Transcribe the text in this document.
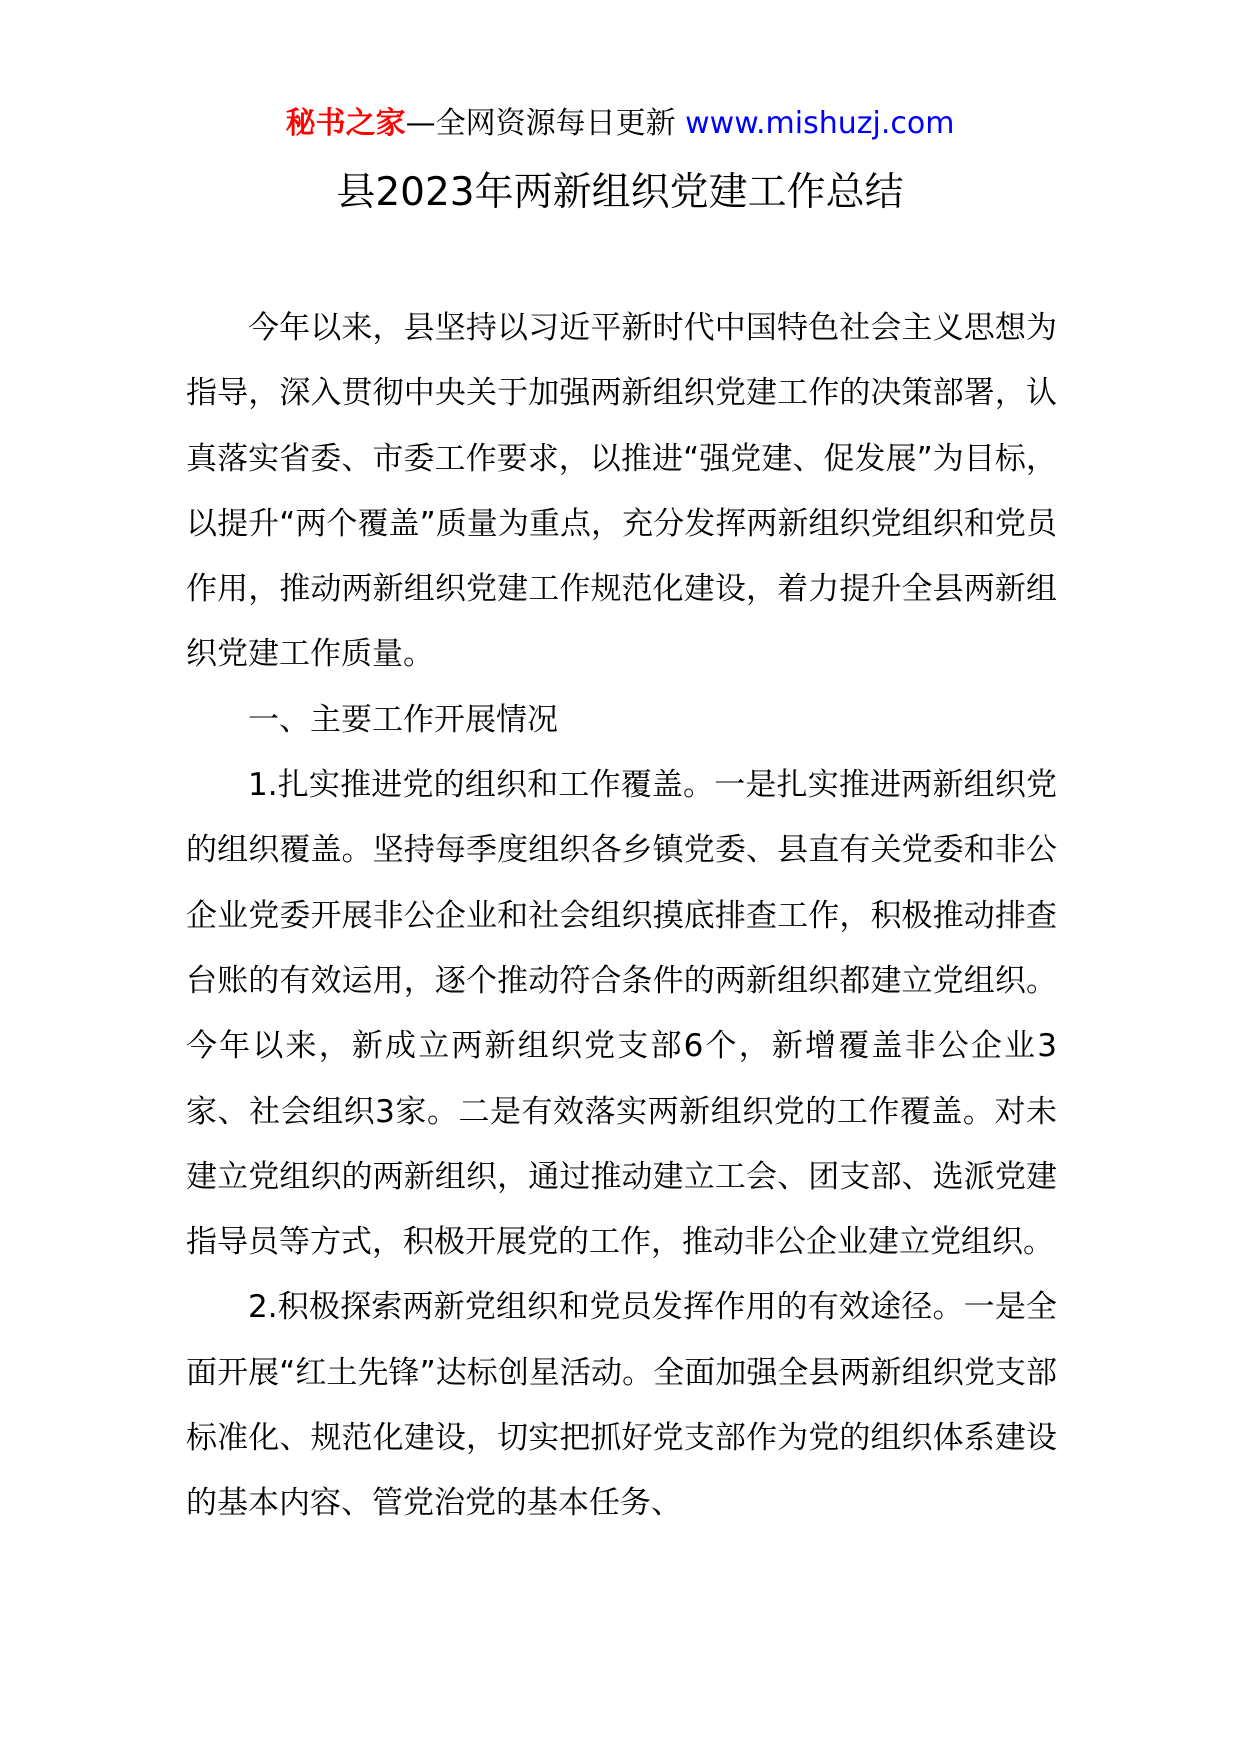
秘书之家—全网资源每日更新 www.mishuzj.com
县2023年两新组织党建工作总结

今年以来，县坚持以习近平新时代中国特色社会主义思想为指导，深入贯彻中央关于加强两新组织党建工作的决策部署，认真落实省委、市委工作要求，以推进“强党建、促发展”为目标，以提升“两个覆盖”质量为重点，充分发挥两新组织党组织和党员作用，推动两新组织党建工作规范化建设，着力提升全县两新组织党建工作质量。

一、主要工作开展情况

1.扎实推进党的组织和工作覆盖。一是扎实推进两新组织党的组织覆盖。坚持每季度组织各乡镇党委、县直有关党委和非公企业党委开展非公企业和社会组织摸底排查工作，积极推动排查台账的有效运用，逐个推动符合条件的两新组织都建立党组织。今年以来，新成立两新组织党支部6个，新增覆盖非公企业3家、社会组织3家。二是有效落实两新组织党的工作覆盖。对未建立党组织的两新组织，通过推动建立工会、团支部、选派党建指导员等方式，积极开展党的工作，推动非公企业建立党组织。

2.积极探索两新党组织和党员发挥作用的有效途径。一是全面开展“红土先锋”达标创星活动。全面加强全县两新组织党支部标准化、规范化建设，切实把抓好党支部作为党的组织体系建设的基本内容、管党治党的基本任务、
